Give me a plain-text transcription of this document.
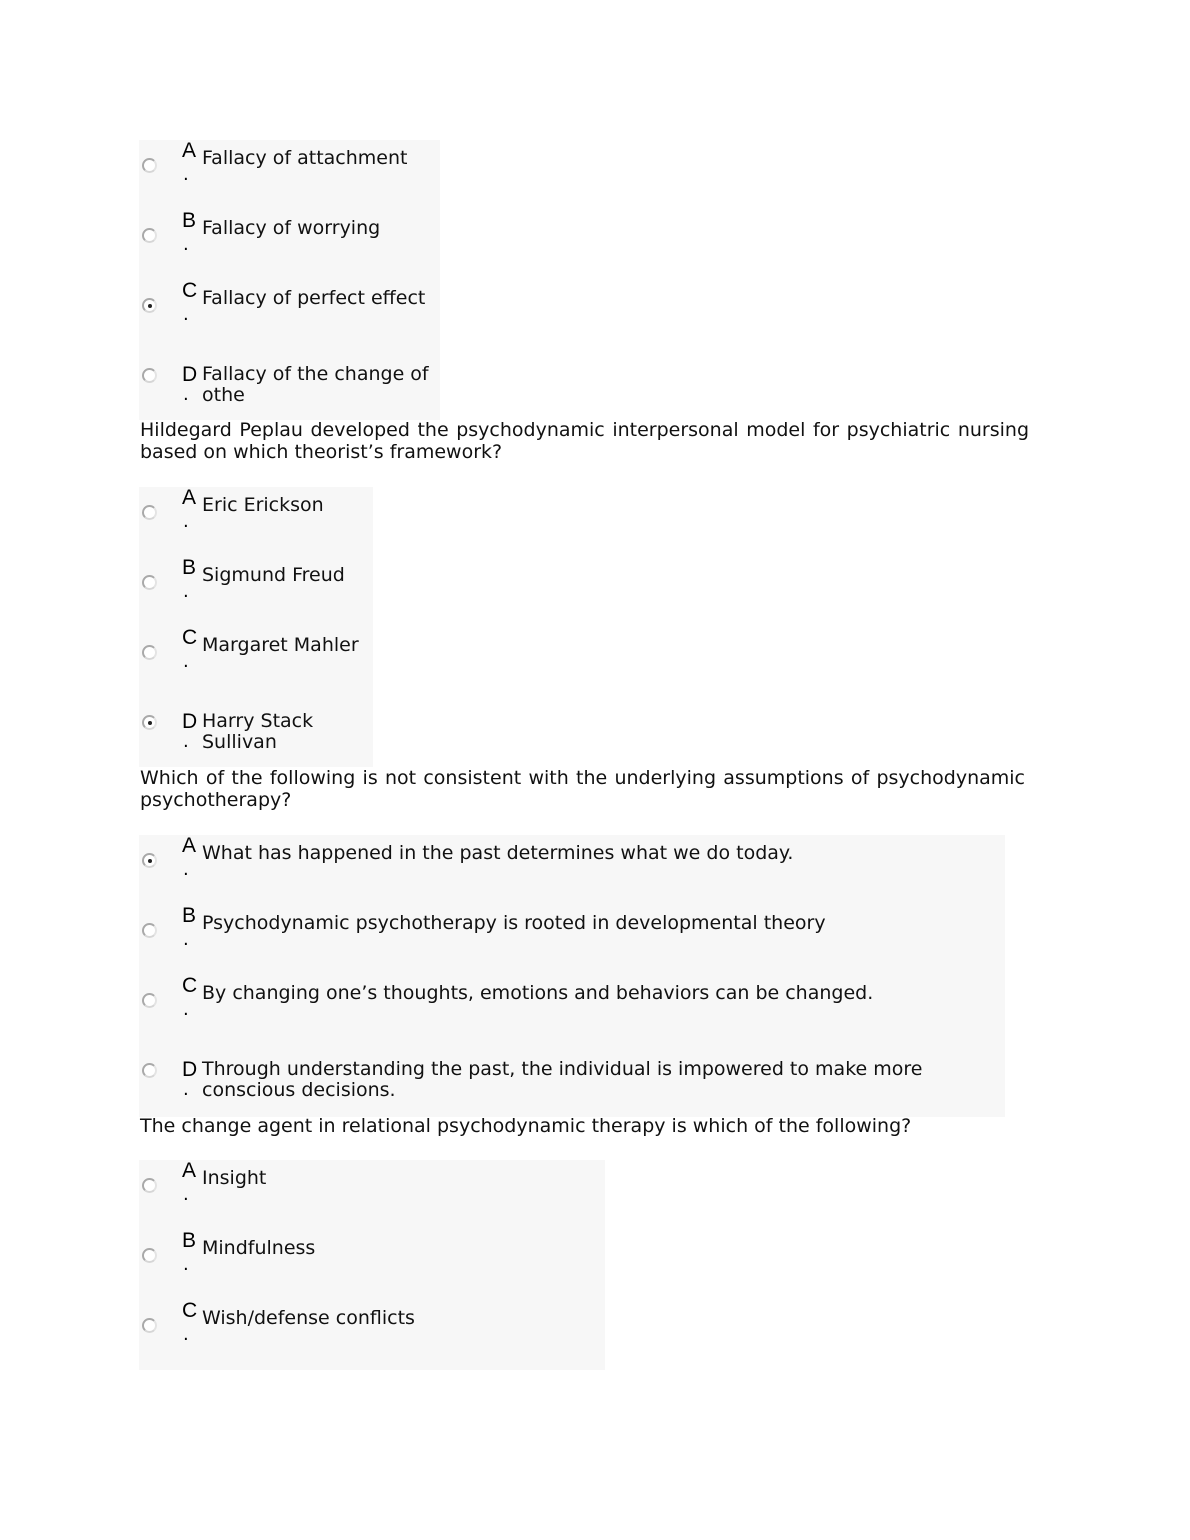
A
.
Fallacy of attachment
B
.
Fallacy of worrying
C
.
Fallacy of perfect effect
D
.
Fallacy of the change of othe
Hildegard Peplau developed the psychodynamic interpersonal model for psychiatric nursing based on which theorist’s framework?
A
.
Eric Erickson
B
.
Sigmund Freud
C
.
Margaret Mahler
D
.
Harry Stack Sullivan
Which of the following is not consistent with the underlying assumptions of psychodynamic psychotherapy?
A
.
What has happened in the past determines what we do today.
B
.
Psychodynamic psychotherapy is rooted in developmental theory
C
.
By changing one’s thoughts, emotions and behaviors can be changed.
D
.
Through understanding the past, the individual is impowered to make more conscious decisions.
The change agent in relational psychodynamic therapy is which of the following?
A
.
Insight
B
.
Mindfulness
C
.
Wish/defense conflicts
